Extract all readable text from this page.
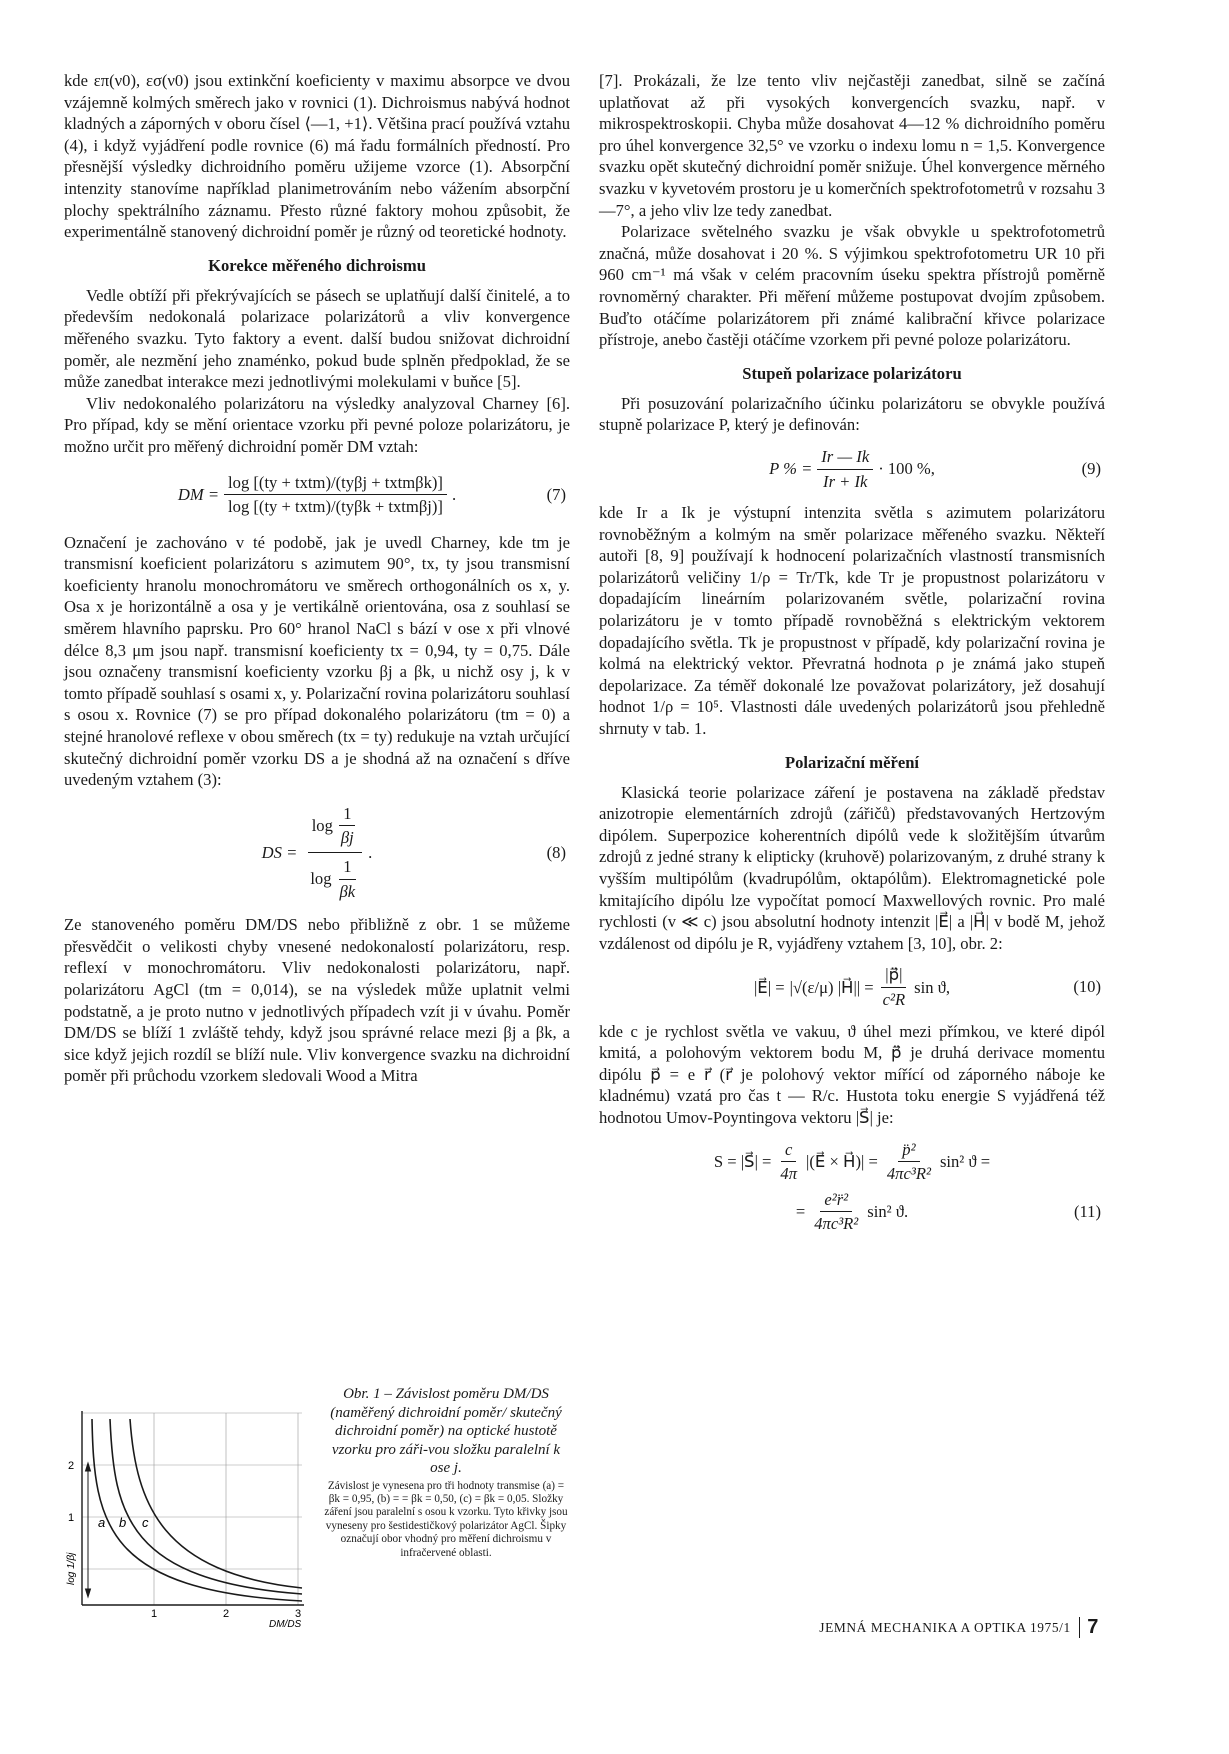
kde επ(ν0), εσ(ν0) jsou extinkční koeficienty v maximu absorpce ve dvou vzájemně kolmých směrech jako v rovnici (1). Dichroismus nabývá hodnot kladných a záporných v oboru čísel ⟨—1, +1⟩. Většina prací používá vztahu (4), i když vyjádření podle rovnice (6) má řadu formálních předností. Pro přesnější výsledky dichroidního poměru užijeme vzorce (1). Absorpční intenzity stanovíme například planimetrováním nebo vážením absorpční plochy spektrálního záznamu. Přesto různé faktory mohou způsobit, že experimentálně stanovený dichroidní poměr je různý od teoretické hodnoty.

Korekce měřeného dichroismu

Vedle obtíží při překrývajících se pásech se uplatňují další činitelé, a to především nedokonalá polarizace polarizátorů a vliv konvergence měřeného svazku. Tyto faktory a event. další budou snižovat dichroidní poměr, ale nezmění jeho znaménko, pokud bude splněn předpoklad, že se může zanedbat interakce mezi jednotlivými molekulami v buňce [5].

Vliv nedokonalého polarizátoru na výsledky analyzoval Charney [6]. Pro případ, kdy se mění orientace vzorku při pevné poloze polarizátoru, je možno určit pro měřený dichroidní poměr DM vztah:

DM = $\frac{\text{log [(ty + txtm)/(tyβj + txtmβk)]}}{\text{log [(ty + txtm)/(tyβk + txtmβj)]}}$ .	(7)

Označení je zachováno v té podobě, jak je uvedl Charney, kde tm je transmisní koeficient polarizátoru s azimutem 90°, tx, ty jsou transmisní koeficienty hranolu monochromátoru ve směrech orthogonálních os x, y. Osa x je horizontálně a osa y je vertikálně orientována, osa z souhlasí se směrem hlavního paprsku. Pro 60° hranol NaCl s bází v ose x při vlnové délce 8,3 μm jsou např. transmisní koeficienty tx = 0,94, ty = 0,75. Dále jsou označeny transmisní koeficienty vzorku βj a βk, u nichž osy j, k v tomto případě souhlasí s osami x, y. Polarizační rovina polarizátoru souhlasí s osou x. Rovnice (7) se pro případ dokonalého polarizátoru (tm = 0) a stejné hranolové reflexe v obou směrech (tx = ty) redukuje na vztah určující skutečný dichroidní poměr vzorku DS a je shodná až na označení s dříve uvedeným vztahem (3):

DS = $\frac{\log \frac{1}{\beta j}}{\log \frac{1}{\beta k}}$ .	(8)

Ze stanoveného poměru DM/DS nebo přibližně z obr. 1 se můžeme přesvědčit o velikosti chyby vnesené nedokonalostí polarizátoru, resp. reflexí v monochromátoru. Vliv nedokonalosti polarizátoru, např. polarizátoru AgCl (tm = 0,014), se na výsledek může uplatnit velmi podstatně, a je proto nutno v jednotlivých případech vzít ji v úvahu. Poměr DM/DS se blíží 1 zvláště tehdy, když jsou správné relace mezi βj a βk, a sice když jejich rozdíl se blíží nule. Vliv konvergence svazku na dichroidní poměr při průchodu vzorkem sledovali Wood a Mitra

[7]. Prokázali, že lze tento vliv nejčastěji zanedbat, silně se začíná uplatňovat až při vysokých konvergencích svazku, např. v mikrospektroskopii. Chyba může dosahovat 4—12 % dichroidního poměru pro úhel konvergence 32,5° ve vzorku o indexu lomu n = 1,5. Konvergence svazku opět skutečný dichroidní poměr snižuje. Úhel konvergence měrného svazku v kyvetovém prostoru je u komerčních spektrofotometrů v rozsahu 3—7°, a jeho vliv lze tedy zanedbat.

Polarizace světelného svazku je však obvykle u spektrofotometrů značná, může dosahovat i 20 %. S výjimkou spektrofotometru UR 10 při 960 cm⁻¹ má však v celém pracovním úseku spektra přístrojů poměrně rovnoměrný charakter. Při měření můžeme postupovat dvojím způsobem. Buďto otáčíme polarizátorem při známé kalibrační křivce polarizace přístroje, anebo častěji otáčíme vzorkem při pevné poloze polarizátoru.

Stupeň polarizace polarizátoru

Při posuzování polarizačního účinku polarizátoru se obvykle používá stupně polarizace P, který je definován:

P % = $\frac{Ir — Ik}{Ir + Ik} \cdot 100$ %,	(9)

kde Ir a Ik je výstupní intenzita světla s azimutem polarizátoru rovnoběžným a kolmým na směr polarizace měřeného svazku. Někteří autoři [8, 9] používají k hodnocení polarizačních vlastností transmisních polarizátorů veličiny 1/ρ = Tr/Tk, kde Tr je propustnost polarizátoru v dopadajícím lineárním polarizovaném světle, polarizační rovina polarizátoru je v tomto případě rovnoběžná s elektrickým vektorem dopadajícího světla. Tk je propustnost v případě, kdy polarizační rovina je kolmá na elektrický vektor. Převratná hodnota ρ je známá jako stupeň depolarizace. Za téměř dokonalé lze považovat polarizátory, jež dosahují hodnot 1/ρ = 10⁵. Vlastnosti dále uvedených polarizátorů jsou přehledně shrnuty v tab. 1.

Polarizační měření

Klasická teorie polarizace záření je postavena na základě představ anizotropie elementárních zdrojů (zářičů) představovaných Hertzovým dipólem. Superpozice koherentních dipólů vede k složitějším útvarům zdrojů z jedné strany k elipticky (kruhově) polarizovaným, z druhé strany k vyšším multipólům (kvadrupólům, oktapólům). Elektromagnetické pole kmitajícího dipólu lze vypočítat pomocí Maxwellových rovnic. Pro malé rychlosti (v ≪ c) jsou absolutní hodnoty intenzit |E⃗| a |H⃗| v bodě M, jehož vzdálenost od dipólu je R, vyjádřeny vztahem [3, 10], obr. 2:

|E⃗| = |√(ε/μ) |H⃗|| = $\frac{|p⃗̈|}{\text{c²R}}$ sin ϑ,	(10)

kde c je rychlost světla ve vakuu, ϑ úhel mezi přímkou, ve které dipól kmitá, a polohovým vektorem bodu M, p⃗̈ je druhá derivace momentu dipólu p⃗ = e r⃗ (r⃗ je polohový vektor mířící od záporného náboje ke kladnému) vzatá pro čas t — R/c. Hustota toku energie S vyjádřená též hodnotou Umov-Poyntingova vektoru |S⃗| je:

S = |S⃗| = $\frac{c}{4\pi}$ |(E⃗ × H⃗)| = $\frac{\text{p̈²}}{\text{4πc³R²}} \sin^2$ ϑ =
= $\frac{\text{e²r̈²}}{\text{4πc³R²}} \sin^2$ ϑ.	(11)
2
1
1	2	3
a b c
log 1/βj
DM/DS
Obr. 1 – Závislost poměru DM/DS (naměřený dichroidní poměr/ skutečný dichroidní poměr) na optické hustotě vzorku pro záři-vou složku paralelní k ose j.
Závislost je vynesena pro tři hodnoty transmise (a) = βk = 0,95, (b) = = βk = 0,50, (c) = βk = 0,05. Složky záření jsou paralelní s osou k vzorku. Tyto křivky jsou vyneseny pro šestidestičkový polarizátor AgCl. Šipky označují obor vhodný pro měření dichroismu v infračervené oblasti.
JEMNÁ MECHANIKA A OPTIKA 1975/1 7
